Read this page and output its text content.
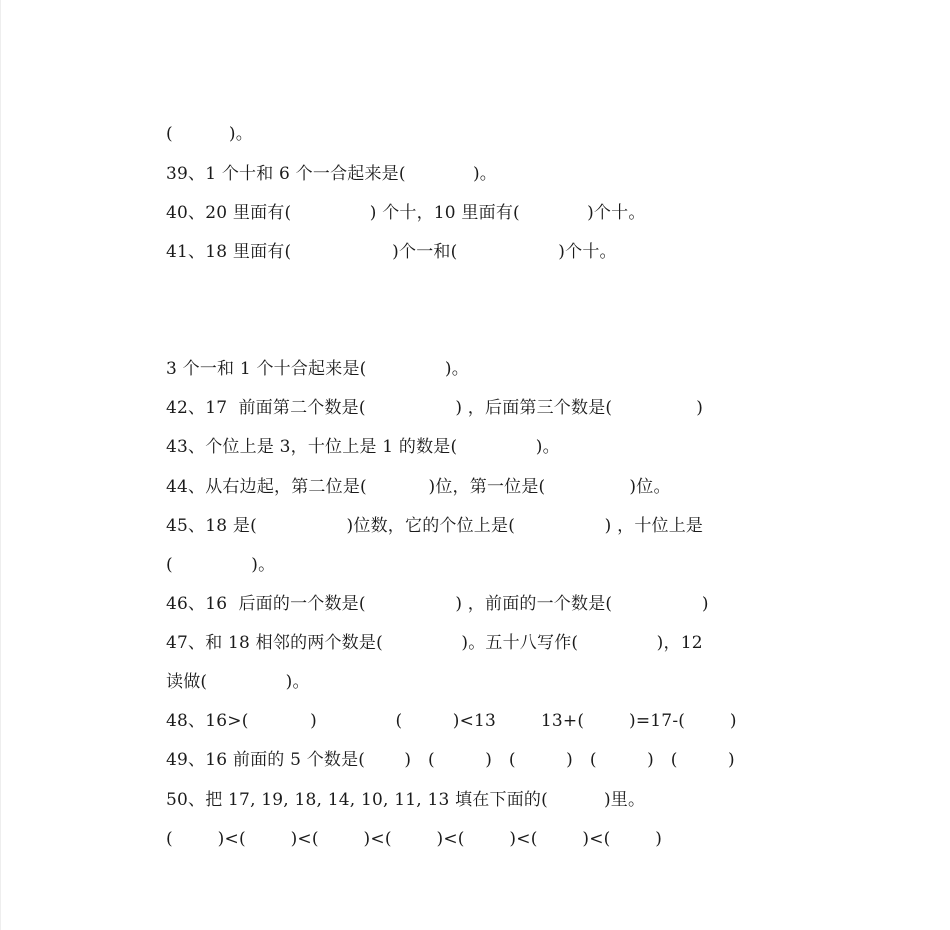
(          )。
39、1 个十和 6 个一合起来是(            )。
40、20 里面有(              ) 个十，10 里面有(            )个十。
41、18 里面有(                  )个一和(                  )个十。
3 个一和 1 个十合起来是(              )。
42、17  前面第二个数是(                ) ，后面第三个数是(               )
43、个位上是 3，十位上是 1 的数是(              )。
44、从右边起，第二位是(           )位，第一位是(               )位。
45、18 是(                )位数，它的个位上是(                ) ，十位上是
(              )。
46、16  后面的一个数是(                ) ，前面的一个数是(                )
47、和 18 相邻的两个数是(              )。五十八写作(              )，12
读做(              )。
48、16>(           )              (         )<13        13+(        )=17-(        )
49、16 前面的 5 个数是(       )   (         )   (         )   (         )   (         )
50、把 17, 19, 18, 14, 10, 11, 13 填在下面的(          )里。
(        )<(        )<(        )<(        )<(        )<(        )<(        )
